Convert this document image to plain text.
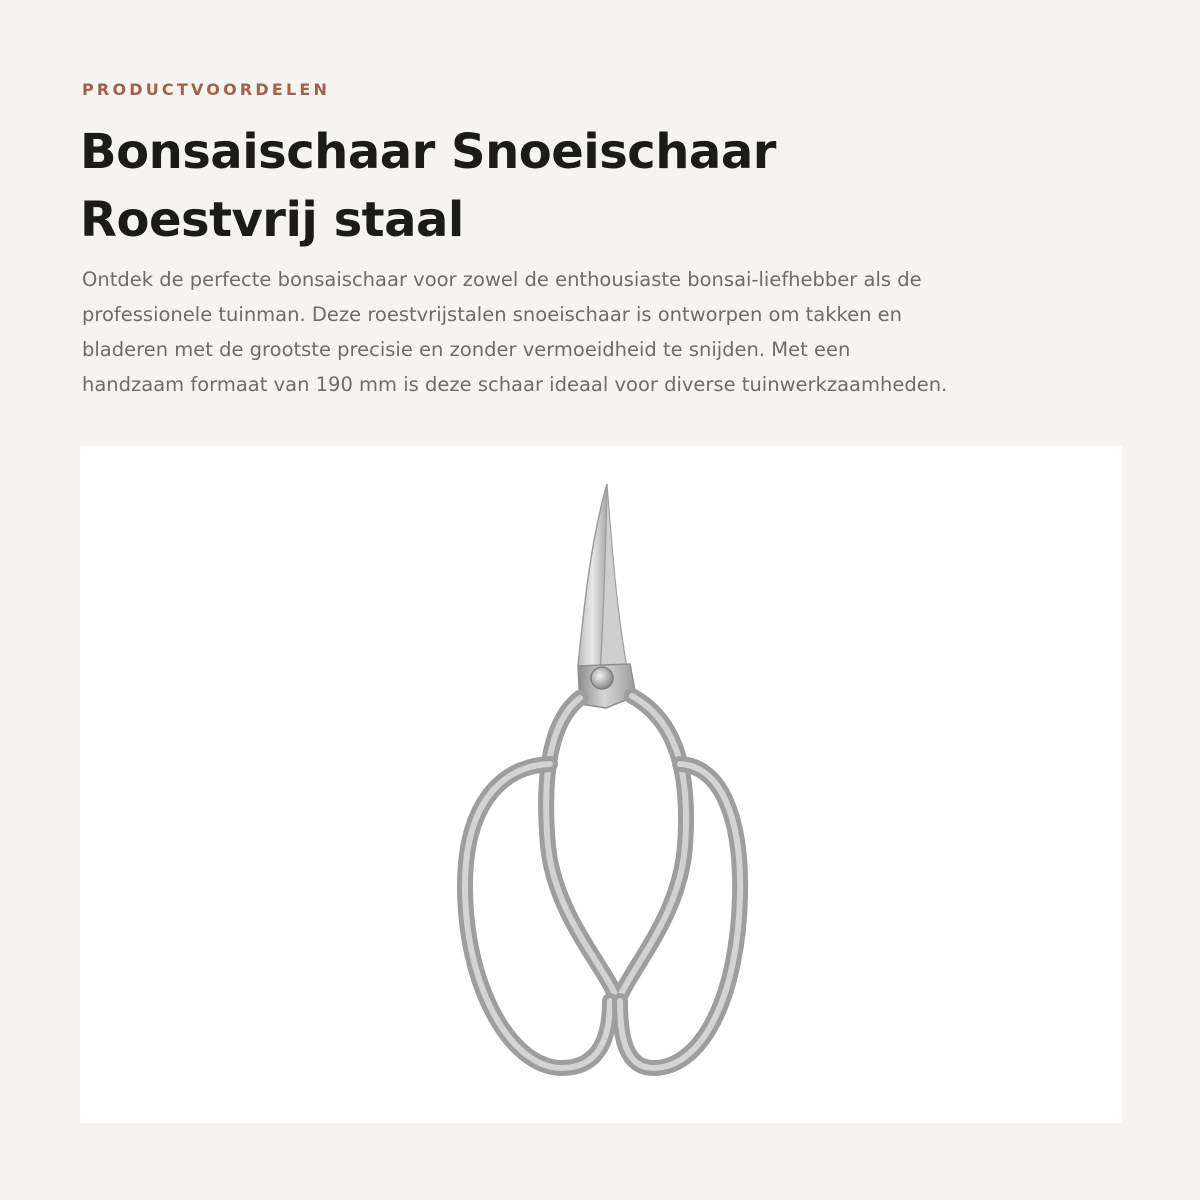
PRODUCTVOORDELEN
Bonsaischaar Snoeischaar
Roestvrij staal

Ontdek de perfecte bonsaischaar voor zowel de enthousiaste bonsai-liefhebber als de
professionele tuinman. Deze roestvrijstalen snoeischaar is ontworpen om takken en
bladeren met de grootste precisie en zonder vermoeidheid te snijden. Met een
handzaam formaat van 190 mm is deze schaar ideaal voor diverse tuinwerkzaamheden.
